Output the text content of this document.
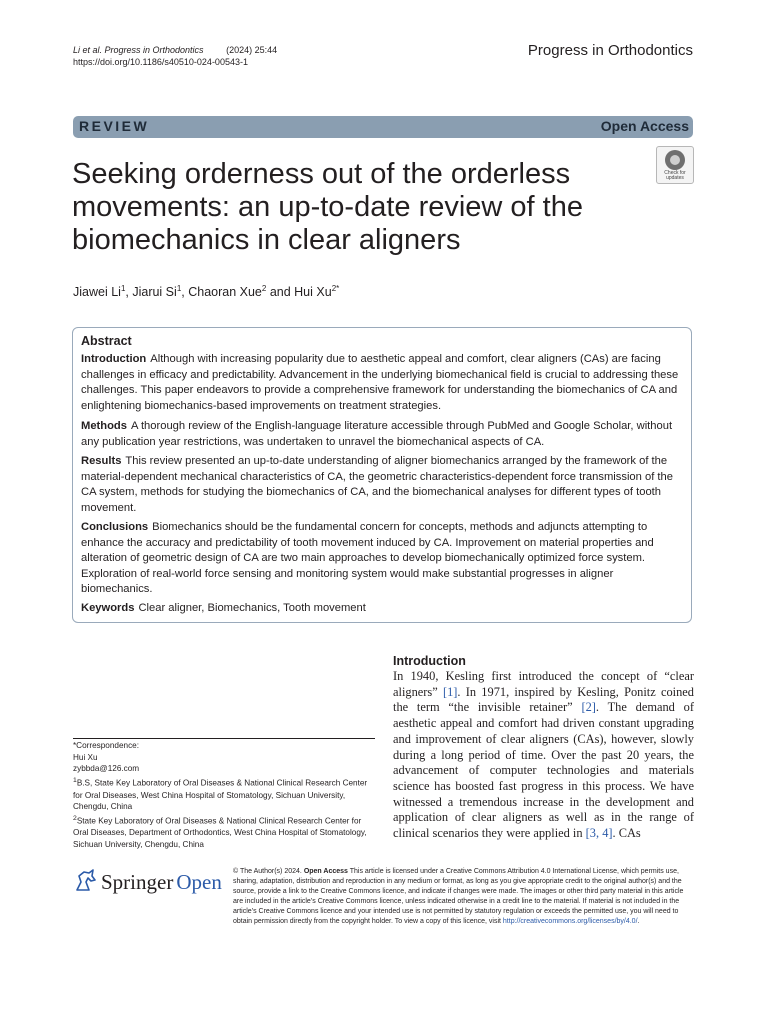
Li et al. Progress in Orthodontics	(2024) 25:44
https://doi.org/10.1186/s40510-024-00543-1
Progress in Orthodontics
REVIEW	Open Access
Seeking orderness out of the orderless movements: an up-to-date review of the biomechanics in clear aligners
Check for
updates
Jiawei Li$^1$, Jiarui Si$^1$, Chaoran Xue$^2$ and Hui $Xu^{2*}$
Abstract
Introduction Although with increasing popularity due to aesthetic appeal and comfort, clear aligners (CAs) are facing challenges in efficacy and predictability. Advancement in the underlying biomechanical field is crucial to addressing these challenges. This paper endeavors to provide a comprehensive framework for understanding the biomechanics of CA and enlightening biomechanics-based improvements on treatment strategies.
Methods A thorough review of the English-language literature accessible through PubMed and Google Scholar, without any publication year restrictions, was undertaken to unravel the biomechanical aspects of CA.
Results This review presented an up-to-date understanding of aligner biomechanics arranged by the framework of the material-dependent mechanical characteristics of CA, the geometric characteristics-dependent force transmission of the CA system, methods for studying the biomechanics of CA, and the biomechanical analyses for different types of tooth movement.
Conclusions Biomechanics should be the fundamental concern for concepts, methods and adjuncts attempting to enhance the accuracy and predictability of tooth movement induced by CA. Improvement on material properties and alteration of geometric design of CA are two main approaches to develop biomechanically optimized force system. Exploration of real-world force sensing and monitoring system would make substantial progresses in aligner biomechanics.
Keywords Clear aligner, Biomechanics, Tooth movement
*Correspondence:
Hui Xu
zybbda@126.com
$^1$B.S, State Key Laboratory of Oral Diseases & National Clinical Research Center for Oral Diseases, West China Hospital of Stomatology, Sichuan University, Chengdu, China
$^2$State Key Laboratory of Oral Diseases & National Clinical Research Center for Oral Diseases, Department of Orthodontics, West China Hospital of Stomatology, Sichuan University, Chengdu, China
Introduction
In 1940, Kesling first introduced the concept of “clear aligners” [1]. In 1971, inspired by Kesling, Ponitz coined the term “the invisible retainer” [2]. The demand of aesthetic appeal and comfort had driven constant upgrading and improvement of clear aligners (CAs), however, slowly during a long period of time. Over the past 20 years, the advancement of computer technologies and materials science has boosted fast progress in this process. We have witnessed a tremendous increase in the development and application of clear aligners as well as in the range of clinical scenarios they were applied in [3, 4]. CAs
Springer Open © The Author(s) 2024. Open Access This article is licensed under a Creative Commons Attribution 4.0 International License, which permits use, sharing, adaptation, distribution and reproduction in any medium or format, as long as you give appropriate credit to the original author(s) and the source, provide a link to the Creative Commons licence, and indicate if changes were made. The images or other third party material in this article are included in the article’s Creative Commons licence, unless indicated otherwise in a credit line to the material. If material is not included in the article’s Creative Commons licence and your intended use is not permitted by statutory regulation or exceeds the permitted use, you will need to obtain permission directly from the copyright holder. To view a copy of this licence, visit http://creativecommons.org/licenses/by/4.0/.
